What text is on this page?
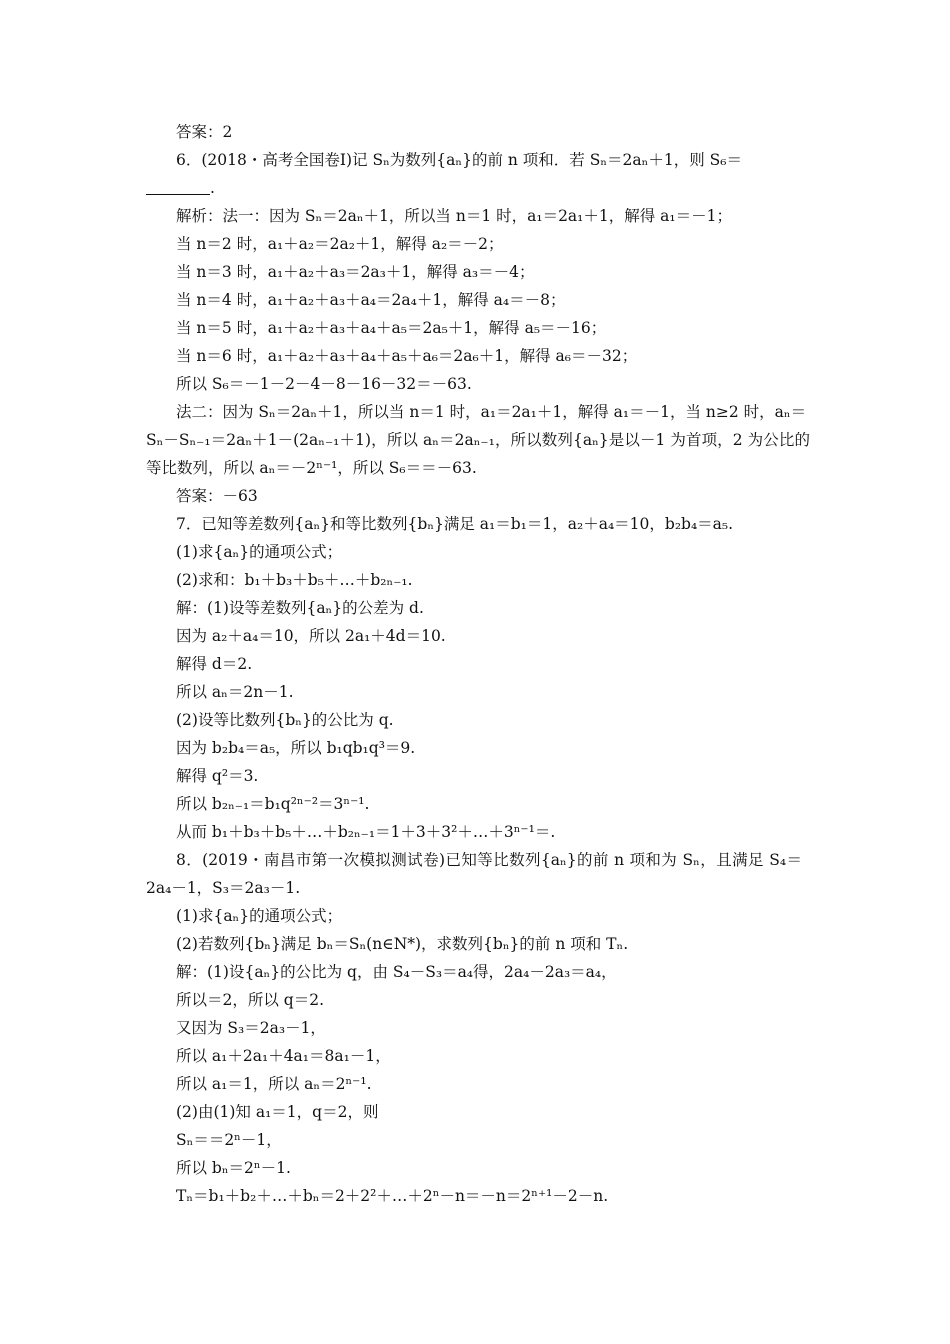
答案：2
6．(2018・高考全国卷Ⅰ)记 Sₙ为数列{aₙ}的前 n 项和．若 Sₙ＝2aₙ＋1，则 S₆＝
.
解析：法一：因为 Sₙ＝2aₙ＋1，所以当 n＝1 时，a₁＝2a₁＋1，解得 a₁＝－1；
当 n＝2 时，a₁＋a₂＝2a₂＋1，解得 a₂＝－2；
当 n＝3 时，a₁＋a₂＋a₃＝2a₃＋1，解得 a₃＝－4；
当 n＝4 时，a₁＋a₂＋a₃＋a₄＝2a₄＋1，解得 a₄＝－8；
当 n＝5 时，a₁＋a₂＋a₃＋a₄＋a₅＝2a₅＋1，解得 a₅＝－16；
当 n＝6 时，a₁＋a₂＋a₃＋a₄＋a₅＋a₆＝2a₆＋1，解得 a₆＝－32；
所以 S₆＝－1－2－4－8－16－32＝－63.
法二：因为 Sₙ＝2aₙ＋1，所以当 n＝1 时，a₁＝2a₁＋1，解得 a₁＝－1，当 n≥2 时，aₙ＝
Sₙ－Sₙ₋₁＝2aₙ＋1－(2aₙ₋₁＋1)，所以 aₙ＝2aₙ₋₁，所以数列{aₙ}是以－1 为首项，2 为公比的
等比数列，所以 aₙ＝－2ⁿ⁻¹，所以 S₆＝＝－63.
答案：－63
7．已知等差数列{aₙ}和等比数列{bₙ}满足 a₁＝b₁＝1，a₂＋a₄＝10，b₂b₄＝a₅.
(1)求{aₙ}的通项公式；
(2)求和：b₁＋b₃＋b₅＋…＋b₂ₙ₋₁.
解：(1)设等差数列{aₙ}的公差为 d.
因为 a₂＋a₄＝10，所以 2a₁＋4d＝10.
解得 d＝2.
所以 aₙ＝2n－1.
(2)设等比数列{bₙ}的公比为 q.
因为 b₂b₄＝a₅，所以 b₁qb₁q³＝9.
解得 q²＝3.
所以 b₂ₙ₋₁＝b₁q²ⁿ⁻²＝3ⁿ⁻¹.
从而 b₁＋b₃＋b₅＋…＋b₂ₙ₋₁＝1＋3＋3²＋…＋3ⁿ⁻¹＝.
8．(2019・南昌市第一次模拟测试卷)已知等比数列{aₙ}的前 n 项和为 Sₙ，且满足 S₄＝
2a₄－1，S₃＝2a₃－1.
(1)求{aₙ}的通项公式；
(2)若数列{bₙ}满足 bₙ＝Sₙ(n∈N*)，求数列{bₙ}的前 n 项和 Tₙ.
解：(1)设{aₙ}的公比为 q，由 S₄－S₃＝a₄得，2a₄－2a₃＝a₄，
所以＝2，所以 q＝2.
又因为 S₃＝2a₃－1，
所以 a₁＋2a₁＋4a₁＝8a₁－1，
所以 a₁＝1，所以 aₙ＝2ⁿ⁻¹.
(2)由(1)知 a₁＝1，q＝2，则
Sₙ＝＝2ⁿ－1，
所以 bₙ＝2ⁿ－1.
Tₙ＝b₁＋b₂＋…＋bₙ＝2＋2²＋…＋2ⁿ－n＝－n＝2ⁿ⁺¹－2－n.
